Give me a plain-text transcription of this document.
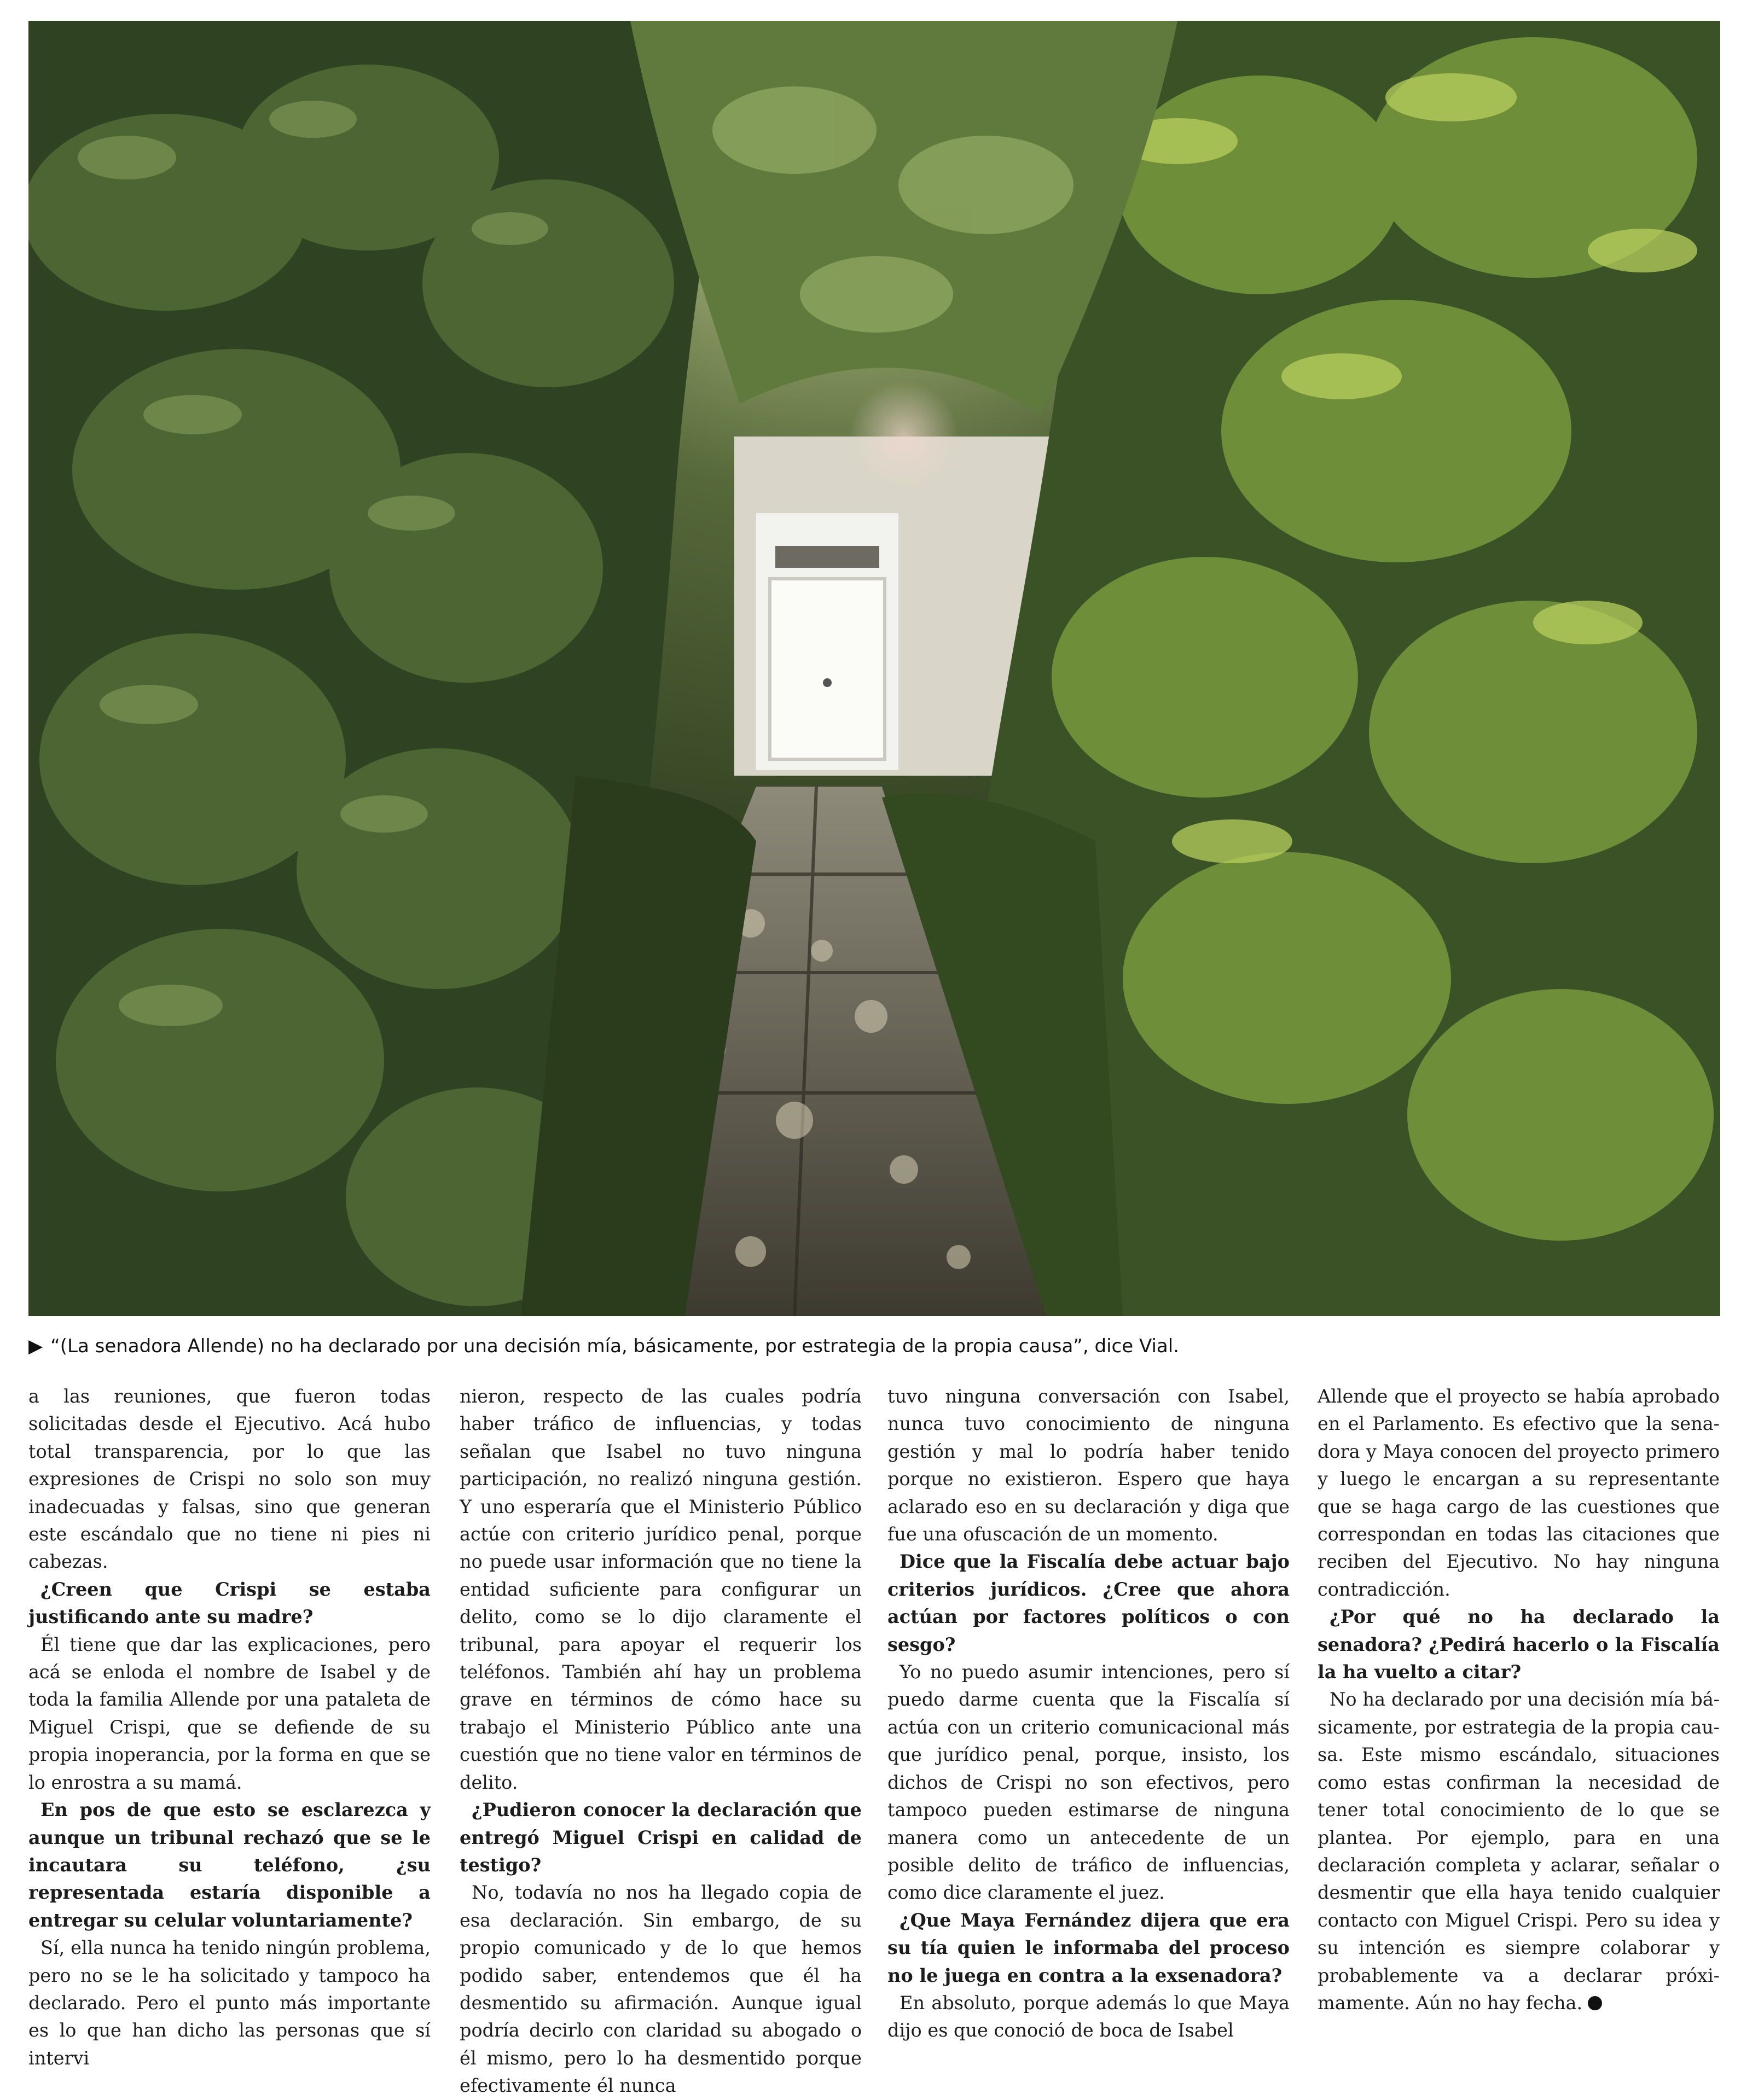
▶ “(La senadora Allende) no ha declarado por una decisión mía, básicamente, por estrategia de la propia causa”, dice Vial.

a las reuniones, que fueron todas solicitadas desde el Ejecutivo. Acá hubo total transparencia, por lo que las expresiones de Crispi no solo son muy inadecuadas y falsas, sino que generan este escándalo que no tiene ni pies ni cabezas.

¿Creen que Crispi se estaba justificando ante su madre?

Él tiene que dar las explicaciones, pero acá se enloda el nombre de Isabel y de toda la familia Allende por una pataleta de Miguel Crispi, que se defiende de su propia inoperancia, por la forma en que se lo enrostra a su mamá.

En pos de que esto se esclarezca y aunque un tribunal rechazó que se le incautara su teléfono, ¿su representada estaría disponible a entregar su celular voluntariamente?

Sí, ella nunca ha tenido ningún problema, pero no se le ha solicitado y tampoco ha declarado. Pero el punto más importante es lo que han dicho las personas que sí intervi

nieron, respecto de las cuales podría haber tráfico de influencias, y todas señalan que Isabel no tuvo ninguna participación, no realizó ninguna gestión. Y uno esperaría que el Ministerio Público actúe con criterio jurídico penal, porque no puede usar información que no tiene la entidad suficiente para configurar un delito, como se lo dijo claramente el tribunal, para apoyar el requerir los teléfonos. También ahí hay un problema grave en términos de cómo hace su trabajo el Ministerio Público ante una cuestión que no tiene valor en términos de delito.

¿Pudieron conocer la declaración que entregó Miguel Crispi en calidad de testigo?

No, todavía no nos ha llegado copia de esa declaración. Sin embargo, de su propio comunicado y de lo que hemos podido saber, entendemos que él ha desmentido su afirmación. Aunque igual podría decirlo con claridad su abogado o él mismo, pero lo ha desmentido porque efectivamente él nunca

tuvo ninguna conversación con Isabel, nunca tuvo conocimiento de ninguna gestión y mal lo podría haber tenido porque no existieron. Espero que haya aclarado eso en su declaración y diga que fue una ofuscación de un momento.

Dice que la Fiscalía debe actuar bajo criterios jurídicos. ¿Cree que ahora actúan por factores políticos o con sesgo?

Yo no puedo asumir intenciones, pero sí puedo darme cuenta que la Fiscalía sí actúa con un criterio comunicacional más que jurídico penal, porque, insisto, los dichos de Crispi no son efectivos, pero tampoco pueden estimarse de ninguna manera como un antecedente de un posible delito de tráfico de influencias, como dice claramente el juez.

¿Que Maya Fernández dijera que era su tía quien le informaba del proceso no le juega en contra a la exsenadora?

En absoluto, porque además lo que Maya dijo es que conoció de boca de Isabel

Allende que el proyecto se había aprobado en el Parlamento. Es efectivo que la senadora y Maya conocen del proyecto primero y luego le encargan a su representante que se haga cargo de las cuestiones que correspondan en todas las citaciones que reciben del Ejecutivo. No hay ninguna contradicción.

¿Por qué no ha declarado la senadora? ¿Pedirá hacerlo o la Fiscalía la ha vuelto a citar?

No ha declarado por una decisión mía básicamente, por estrategia de la propia causa. Este mismo escándalo, situaciones como estas confirman la necesidad de tener total conocimiento de lo que se plantea. Por ejemplo, para en una declaración completa y aclarar, señalar o desmentir que ella haya tenido cualquier contacto con Miguel Crispi. Pero su idea y su intención es siempre colaborar y probablemente va a declarar próximamente. Aún no hay fecha.
